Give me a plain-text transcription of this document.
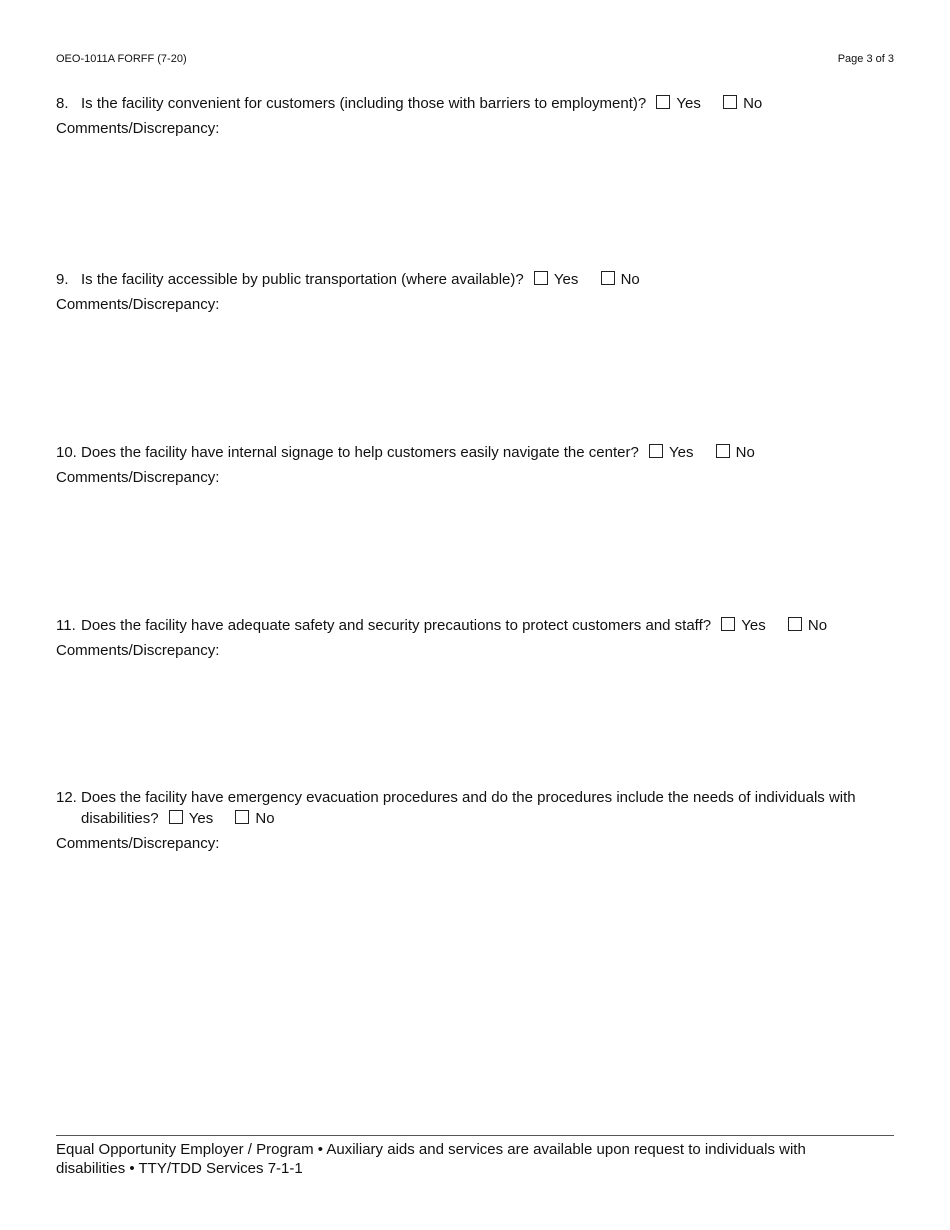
OEO-1011A FORFF (7-20)	Page 3 of 3
8. Is the facility convenient for customers (including those with barriers to employment)? Yes	No
Comments/Discrepancy:
9. Is the facility accessible by public transportation (where available)? Yes	No
Comments/Discrepancy:
10. Does the facility have internal signage to help customers easily navigate the center? Yes	No
Comments/Discrepancy:
11. Does the facility have adequate safety and security precautions to protect customers and staff? Yes	No
Comments/Discrepancy:
12. Does the facility have emergency evacuation procedures and do the procedures include the needs of individuals with disabilities? Yes	No
Comments/Discrepancy:
Equal Opportunity Employer / Program • Auxiliary aids and services are available upon request to individuals with disabilities • TTY/TDD Services 7-1-1
